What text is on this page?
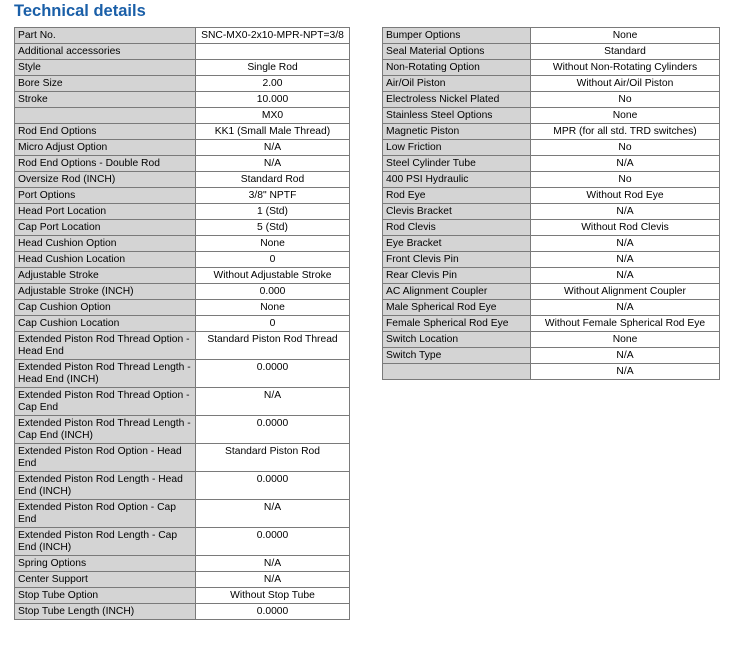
Technical details
Part No.	SNC-MX0-2x10-MPR-NPT=3/8
Additional accessories	
Style	Single Rod
Bore Size	2.00
Stroke	10.000
	MX0
Rod End Options	KK1 (Small Male Thread)
Micro Adjust Option	N/A
Rod End Options - Double Rod	N/A
Oversize Rod (INCH)	Standard Rod
Port Options	3/8" NPTF
Head Port Location	1 (Std)
Cap Port Location	5 (Std)
Head Cushion Option	None
Head Cushion Location	0
Adjustable Stroke	Without Adjustable Stroke
Adjustable Stroke (INCH)	0.000
Cap Cushion Option	None
Cap Cushion Location	0
Extended Piston Rod Thread Option - Head End	Standard Piston Rod Thread
Extended Piston Rod Thread Length - Head End (INCH)	0.0000
Extended Piston Rod Thread Option - Cap End	N/A
Extended Piston Rod Thread Length - Cap End (INCH)	0.0000
Extended Piston Rod Option - Head End	Standard Piston Rod
Extended Piston Rod Length - Head End (INCH)	0.0000
Extended Piston Rod Option - Cap End	N/A
Extended Piston Rod Length - Cap End (INCH)	0.0000
Spring Options	N/A
Center Support	N/A
Stop Tube Option	Without Stop Tube
Stop Tube Length (INCH)	0.0000
Bumper Options	None
Seal Material Options	Standard
Non-Rotating Option	Without Non-Rotating Cylinders
Air/Oil Piston	Without Air/Oil Piston
Electroless Nickel Plated	No
Stainless Steel Options	None
Magnetic Piston	MPR (for all std. TRD switches)
Low Friction	No
Steel Cylinder Tube	N/A
400 PSI Hydraulic	No
Rod Eye	Without Rod Eye
Clevis Bracket	N/A
Rod Clevis	Without Rod Clevis
Eye Bracket	N/A
Front Clevis Pin	N/A
Rear Clevis Pin	N/A
AC Alignment Coupler	Without Alignment Coupler
Male Spherical Rod Eye	N/A
Female Spherical Rod Eye	Without Female Spherical Rod Eye
Switch Location	None
Switch Type	N/A
	N/A
